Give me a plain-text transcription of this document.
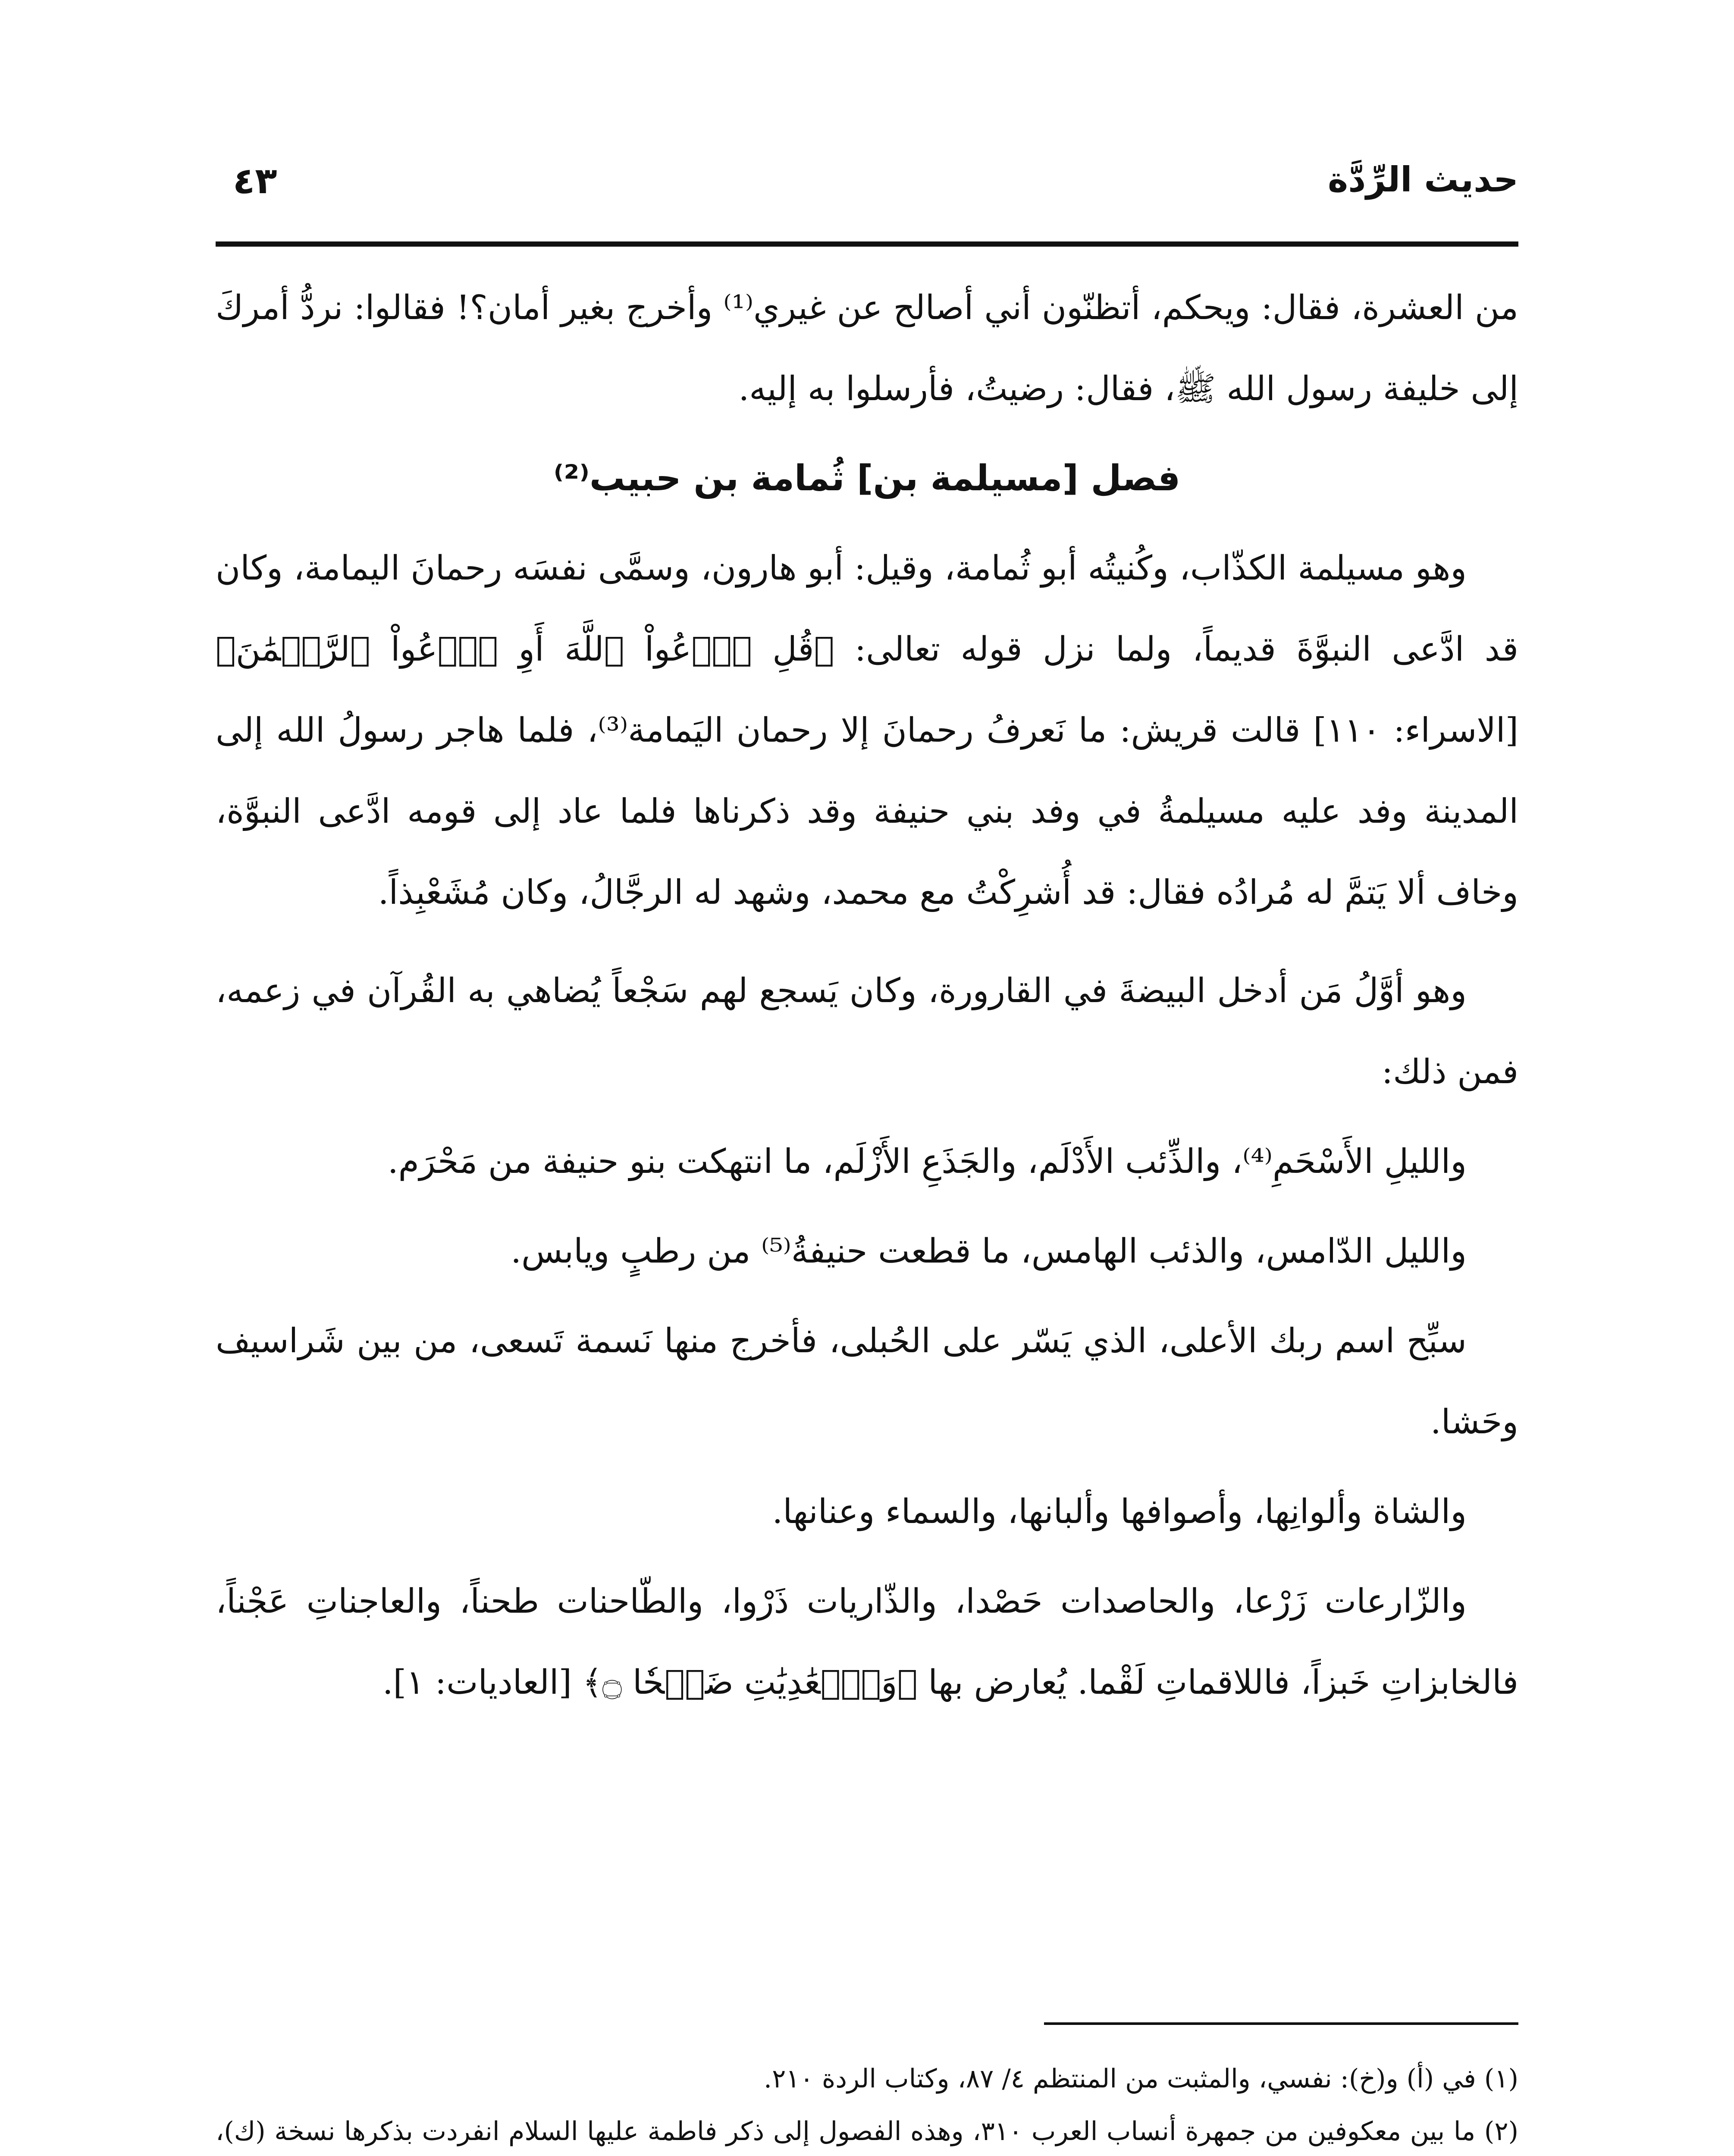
حديث الرِّدَّة
٤٣

من العشرة، فقال: ويحكم، أتظنّون أني أصالح عن غيري⁽¹⁾ وأخرج بغير أمان؟! فقالوا: نردُّ أمركَ إلى خليفة رسول الله ﷺ، فقال: رضيتُ، فأرسلوا به إليه.

فصل [مسيلمة بن] ثُمامة بن حبيب⁽²⁾

وهو مسيلمة الكذّاب، وكُنيتُه أبو ثُمامة، وقيل: أبو هارون، وسمَّى نفسَه رحمانَ اليمامة، وكان قد ادَّعى النبوَّةَ قديماً، ولما نزل قوله تعالى: ﴿قُلِ ٱدۡعُواْ ٱللَّهَ أَوِ ٱدۡعُواْ ٱلرَّحۡمَٰنَ﴾ [الاسراء: ١١٠] قالت قريش: ما نَعرفُ رحمانَ إلا رحمان اليَمامة⁽³⁾، فلما هاجر رسولُ الله إلى المدينة وفد عليه مسيلمةُ في وفد بني حنيفة وقد ذكرناها فلما عاد إلى قومه ادَّعى النبوَّة، وخاف ألا يَتمَّ له مُرادُه فقال: قد أُشرِكْتُ مع محمد، وشهد له الرجَّالُ، وكان مُشَعْبِذاً.

وهو أوَّلُ مَن أدخل البيضةَ في القارورة، وكان يَسجع لهم سَجْعاً يُضاهي به القُرآن في زعمه، فمن ذلك:

والليلِ الأَسْحَمِ⁽⁴⁾، والذِّئب الأَدْلَم، والجَذَعِ الأَزْلَم، ما انتهكت بنو حنيفة من مَحْرَم.

والليل الدّامس، والذئب الهامس، ما قطعت حنيفةُ⁽⁵⁾ من رطبٍ ويابس.

سبِّح اسم ربك الأعلى، الذي يَسّر على الحُبلى، فأخرج منها نَسمة تَسعى، من بين شَراسيف وحَشا.

والشاة وألوانِها، وأصوافها وألبانها، والسماء وعنانها.

والزّارعات زَرْعا، والحاصدات حَصْدا، والذّاريات ذَرْوا، والطّاحنات طحناً، والعاجناتِ عَجْناً، فالخابزاتِ خَبزاً، فاللاقماتِ لَقْما. يُعارض بها ﴿وَٱلۡعَٰدِيَٰتِ ضَبۡحٗا ۝﴾ [العاديات: ١].

(١) في (أ) و(خ): نفسي، والمثبت من المنتظم ٤/ ٨٧، وكتاب الردة ٢١٠.

(٢) ما بين معكوفين من جمهرة أنساب العرب ٣١٠، وهذه الفصول إلى ذكر فاطمة عليها السلام انفردت بذكرها نسخة (ك)،
